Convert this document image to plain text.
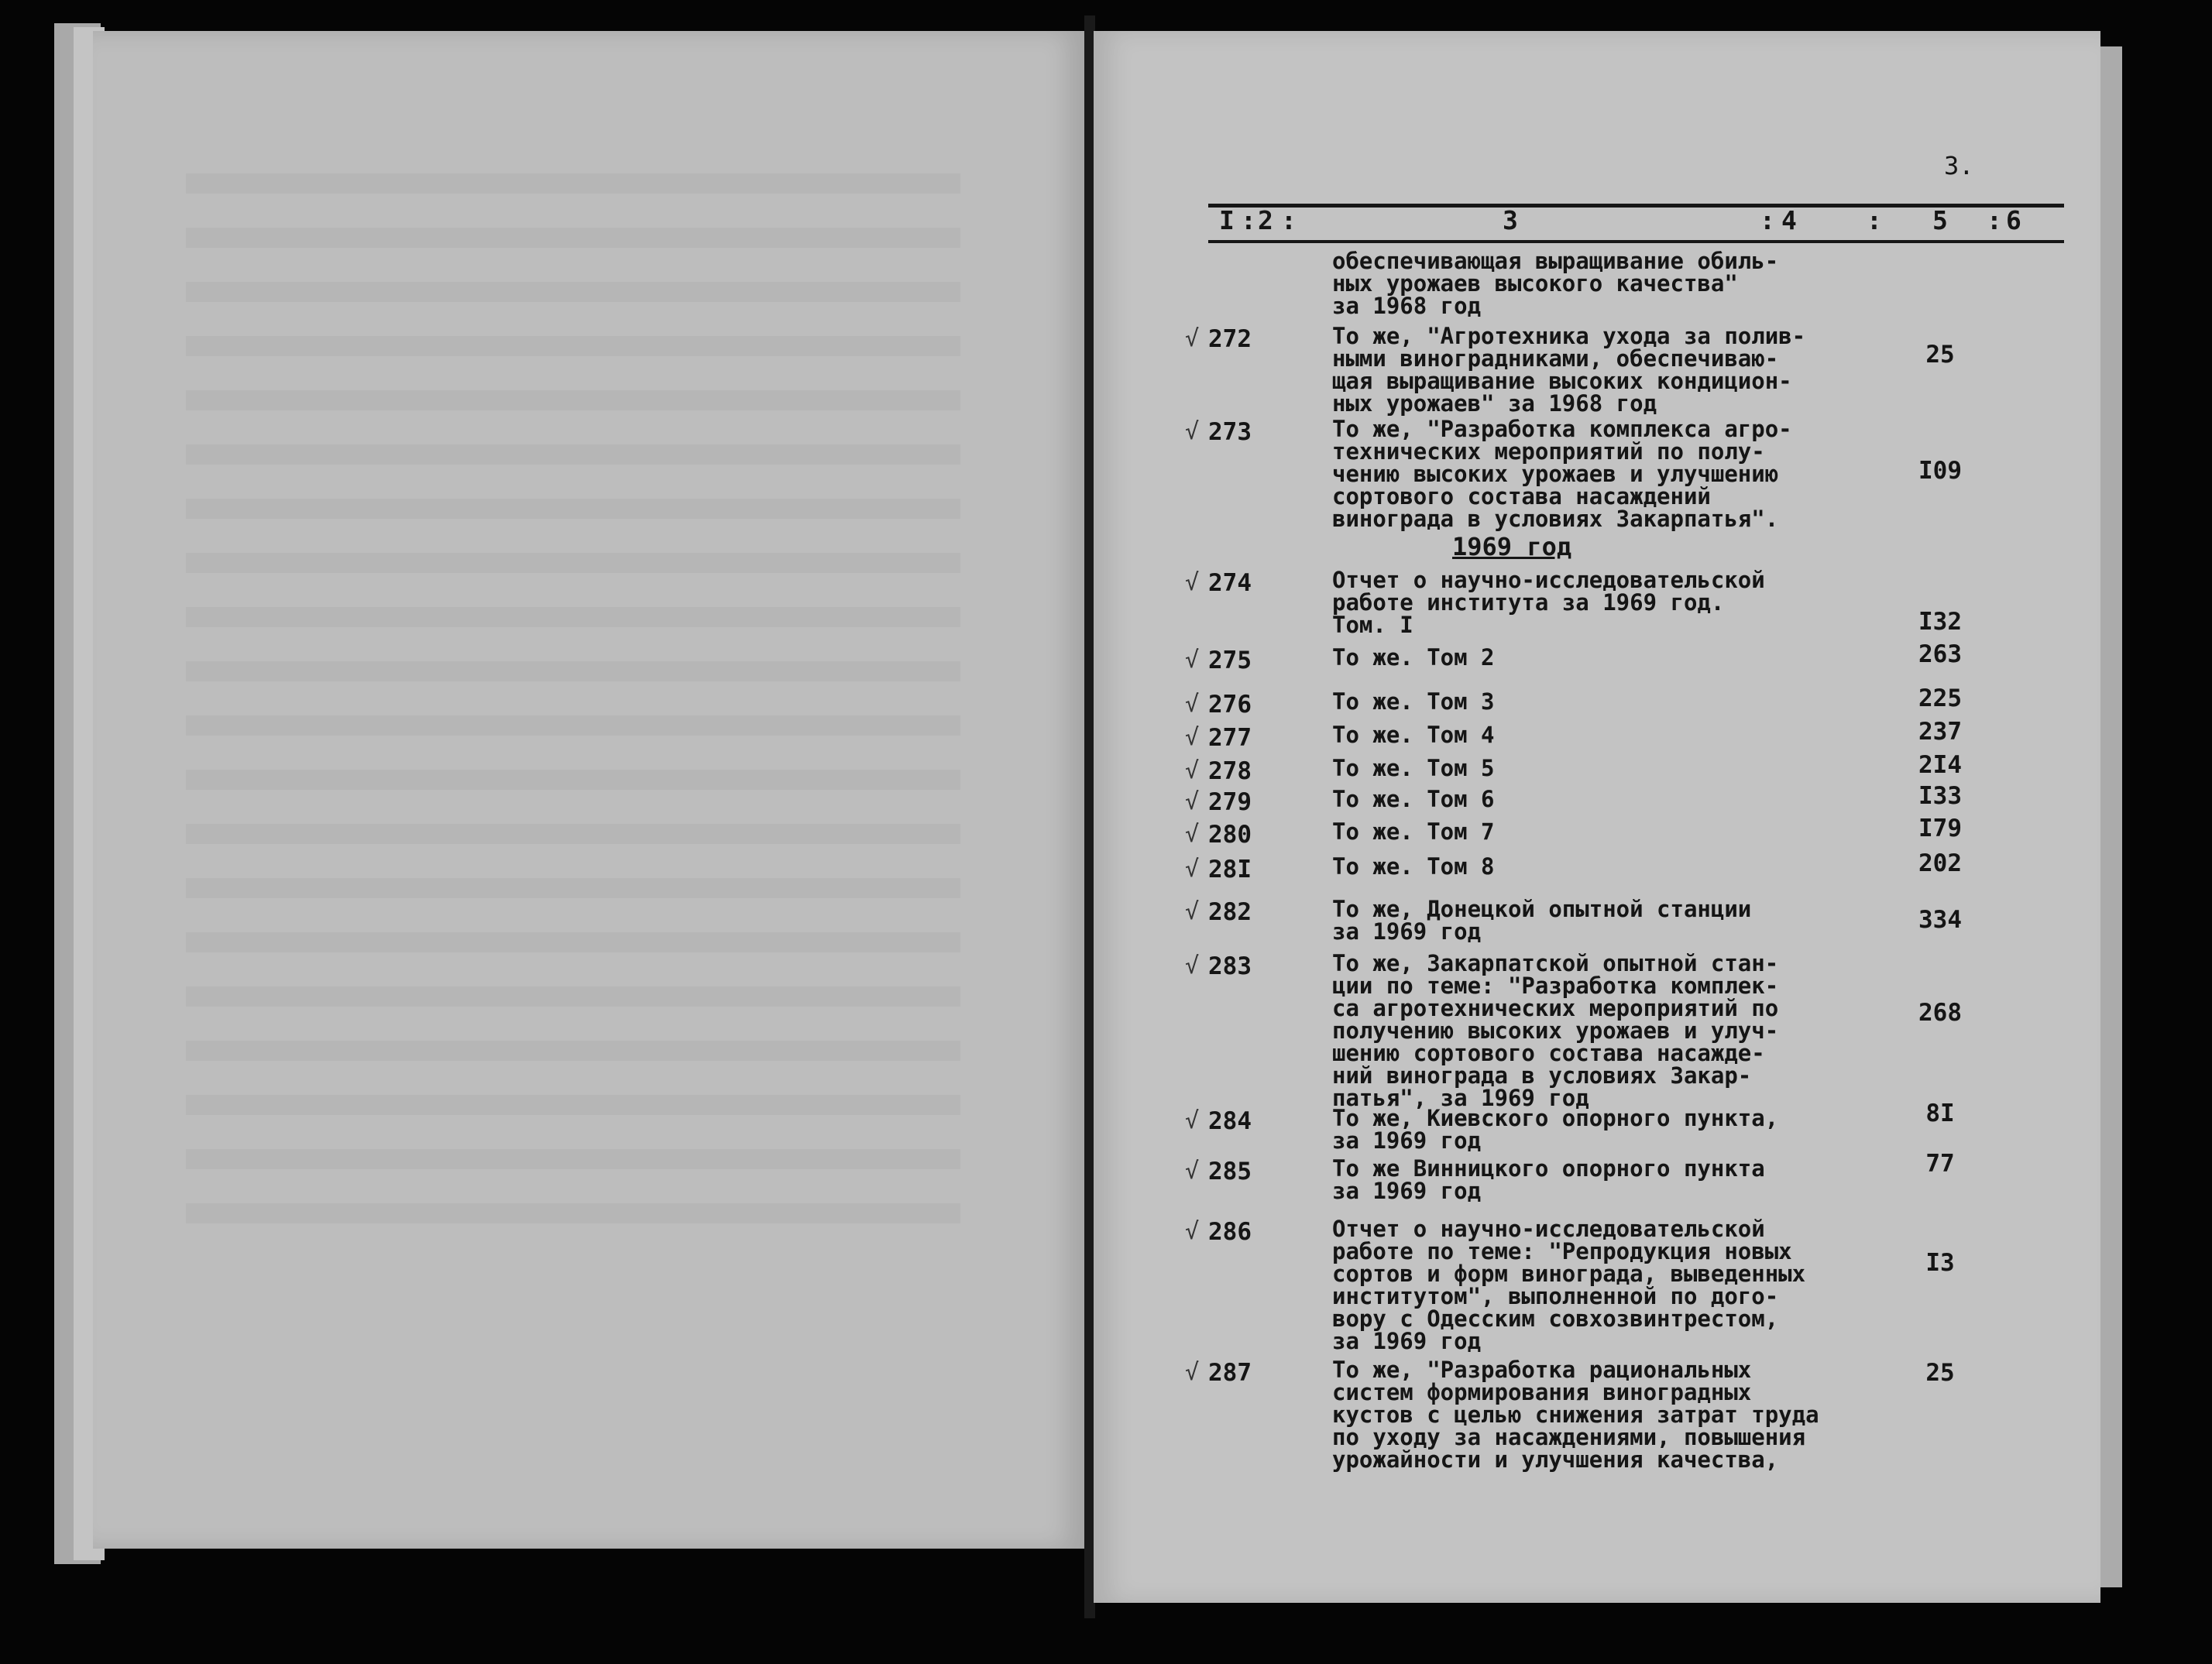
3.
I : 2 :	3	: 4	: 5 : 6
обеспечивающая выращивание обиль-
ных урожаев высокого качества"
за 1968 год
√ 272	То же, "Агротехника ухода за полив-
ными виноградниками, обеспечиваю-
щая выращивание высоких кондицион-
ных урожаев" за 1968 год
25
√ 273	То же, "Разработка комплекса агро-
технических мероприятий по полу-
чению высоких урожаев и улучшению
сортового состава насаждений
винограда в условиях Закарпатья".
I09
1969 год
√ 274	Отчет о научно-исследовательской
работе института за 1969 год.
Том. I	I32
√ 275	То же. Том 2	263
√ 276	То же. Том 3	225
√ 277	То же. Том 4	237
√ 278	То же. Том 5	2I4
√ 279	То же. Том 6	I33
√ 280	То же. Том 7	I79
√ 28I	То же. Том 8	202
√ 282	То же, Донецкой опытной станции
за 1969 год	334
√ 283	То же, Закарпатской опытной стан-
ции по теме: "Разработка комплек-
са агротехнических мероприятий по
получению высоких урожаев и улуч-
шению сортового состава насажде-
ний винограда в условиях Закар-
патья", за 1969 год
268
√ 284	То же, Киевского опорного пункта,
за 1969 год
8I
√ 285	То же Винницкого опорного пункта
за 1969 год
77
√ 286	Отчет о научно-исследовательской
работе по теме: "Репродукция новых
сортов и форм винограда, выведенных
институтом", выполненной по дого-
вору с Одесским совхозвинтрестом,
за 1969 год
I3
√ 287	То же, "Разработка рациональных
систем формирования виноградных
кустов с целью снижения затрат труда
по уходу за насаждениями, повышения
урожайности и улучшения качества,
25
